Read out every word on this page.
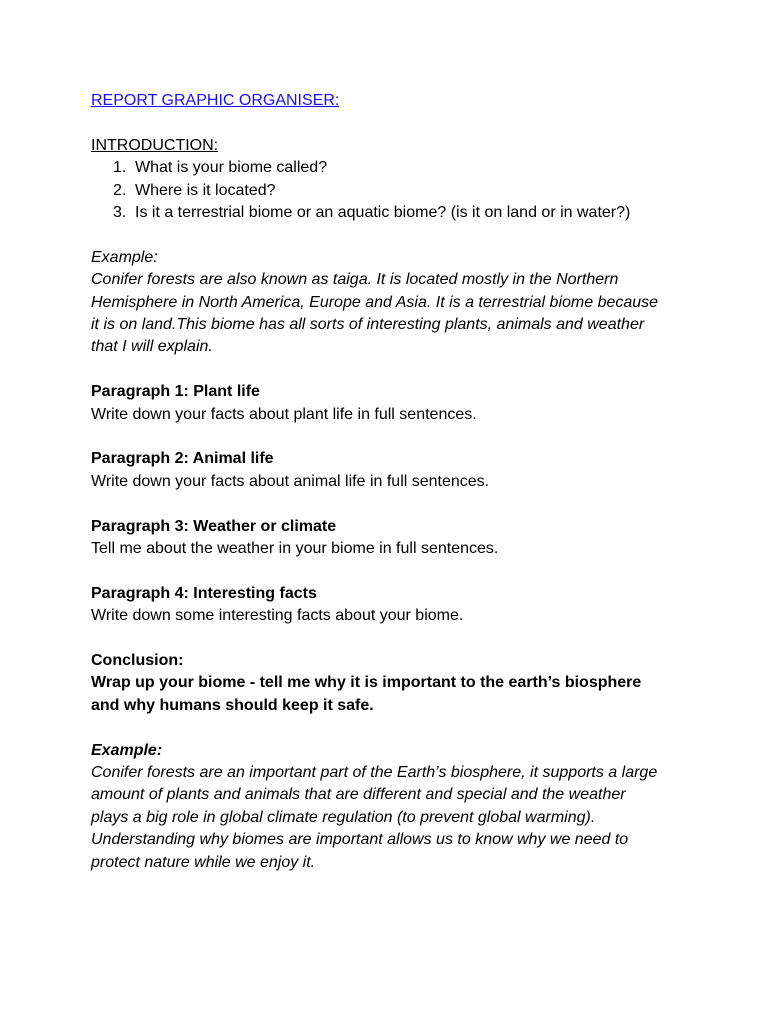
REPORT GRAPHIC ORGANISER:
INTRODUCTION:
1. What is your biome called?
2. Where is it located?
3. Is it a terrestrial biome or an aquatic biome? (is it on land or in water?)
Example:
Conifer forests are also known as taiga. It is located mostly in the Northern
Hemisphere in North America, Europe and Asia. It is a terrestrial biome because
it is on land.This biome has all sorts of interesting plants, animals and weather
that I will explain.
Paragraph 1: Plant life
Write down your facts about plant life in full sentences.
Paragraph 2: Animal life
Write down your facts about animal life in full sentences.
Paragraph 3: Weather or climate
Tell me about the weather in your biome in full sentences.
Paragraph 4: Interesting facts
Write down some interesting facts about your biome.
Conclusion:
Wrap up your biome - tell me why it is important to the earth’s biosphere
and why humans should keep it safe.
Example:
Conifer forests are an important part of the Earth’s biosphere, it supports a large
amount of plants and animals that are different and special and the weather
plays a big role in global climate regulation (to prevent global warming).
Understanding why biomes are important allows us to know why we need to
protect nature while we enjoy it.
